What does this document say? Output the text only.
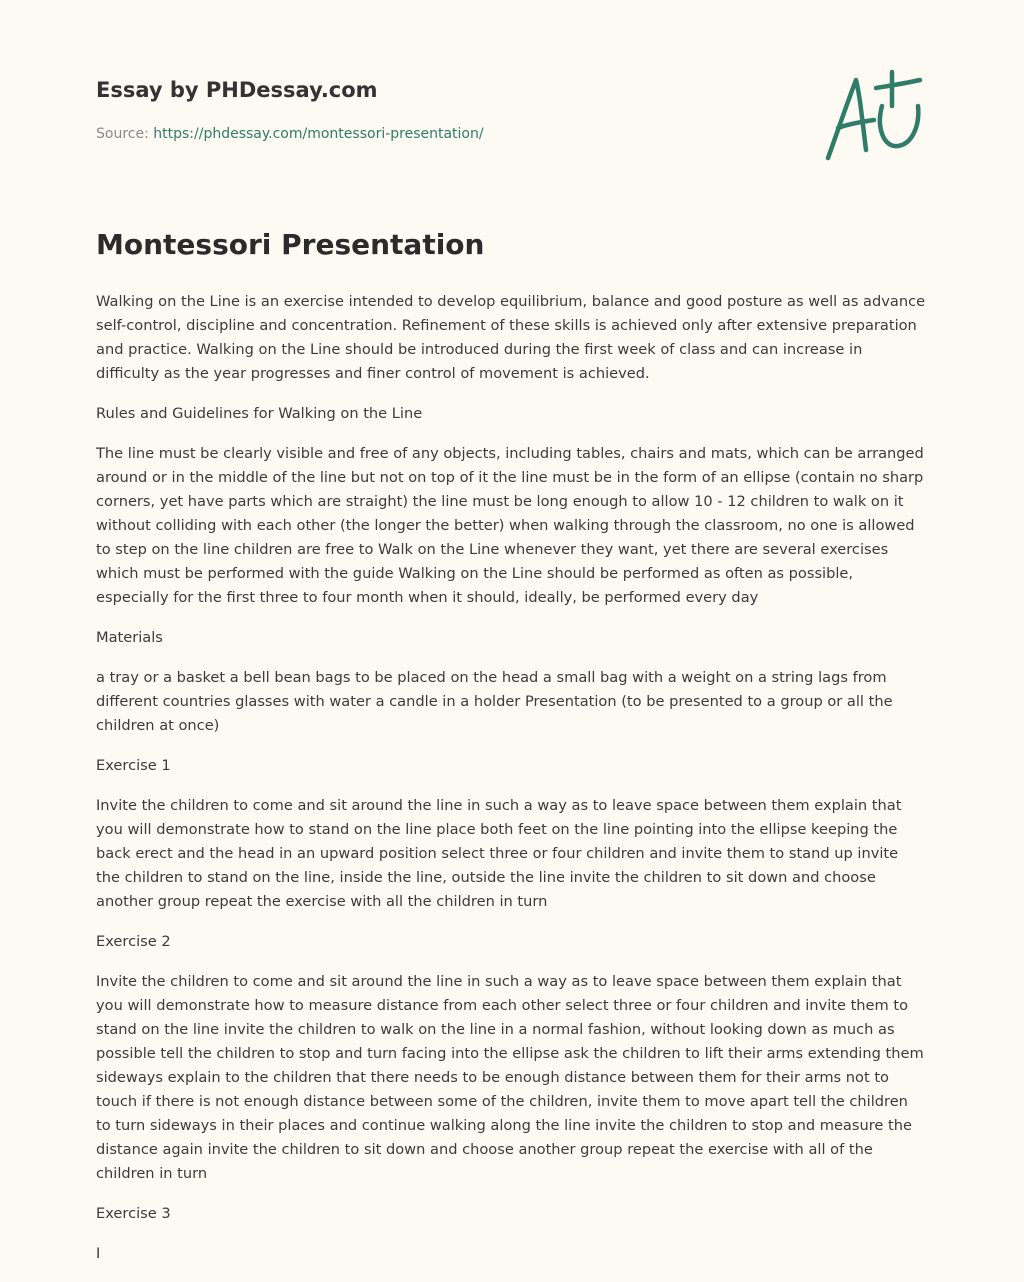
Essay by PHDessay.com
Source: https://phdessay.com/montessori-presentation/
Montessori Presentation

Walking on the Line is an exercise intended to develop equilibrium, balance and good posture as well as advance self-control, discipline and concentration. Refinement of these skills is achieved only after extensive preparation and practice. Walking on the Line should be introduced during the first week of class and can increase in difficulty as the year progresses and finer control of movement is achieved.

Rules and Guidelines for Walking on the Line

The line must be clearly visible and free of any objects, including tables, chairs and mats, which can be arranged around or in the middle of the line but not on top of it the line must be in the form of an ellipse (contain no sharp corners, yet have parts which are straight) the line must be long enough to allow 10 - 12 children to walk on it without colliding with each other (the longer the better) when walking through the classroom, no one is allowed to step on the line children are free to Walk on the Line whenever they want, yet there are several exercises which must be performed with the guide Walking on the Line should be performed as often as possible, especially for the first three to four month when it should, ideally, be performed every day

Materials

a tray or a basket a bell bean bags to be placed on the head a small bag with a weight on a string lags from different countries glasses with water a candle in a holder Presentation (to be presented to a group or all the children at once)

Exercise 1

Invite the children to come and sit around the line in such a way as to leave space between them explain that you will demonstrate how to stand on the line place both feet on the line pointing into the ellipse keeping the back erect and the head in an upward position select three or four children and invite them to stand up invite the children to stand on the line, inside the line, outside the line invite the children to sit down and choose another group repeat the exercise with all the children in turn

Exercise 2

Invite the children to come and sit around the line in such a way as to leave space between them explain that you will demonstrate how to measure distance from each other select three or four children and invite them to stand on the line invite the children to walk on the line in a normal fashion, without looking down as much as possible tell the children to stop and turn facing into the ellipse ask the children to lift their arms extending them sideways explain to the children that there needs to be enough distance between them for their arms not to touch if there is not enough distance between some of the children, invite them to move apart tell the children to turn sideways in their places and continue walking along the line invite the children to stop and measure the distance again invite the children to sit down and choose another group repeat the exercise with all of the children in turn

Exercise 3

I
